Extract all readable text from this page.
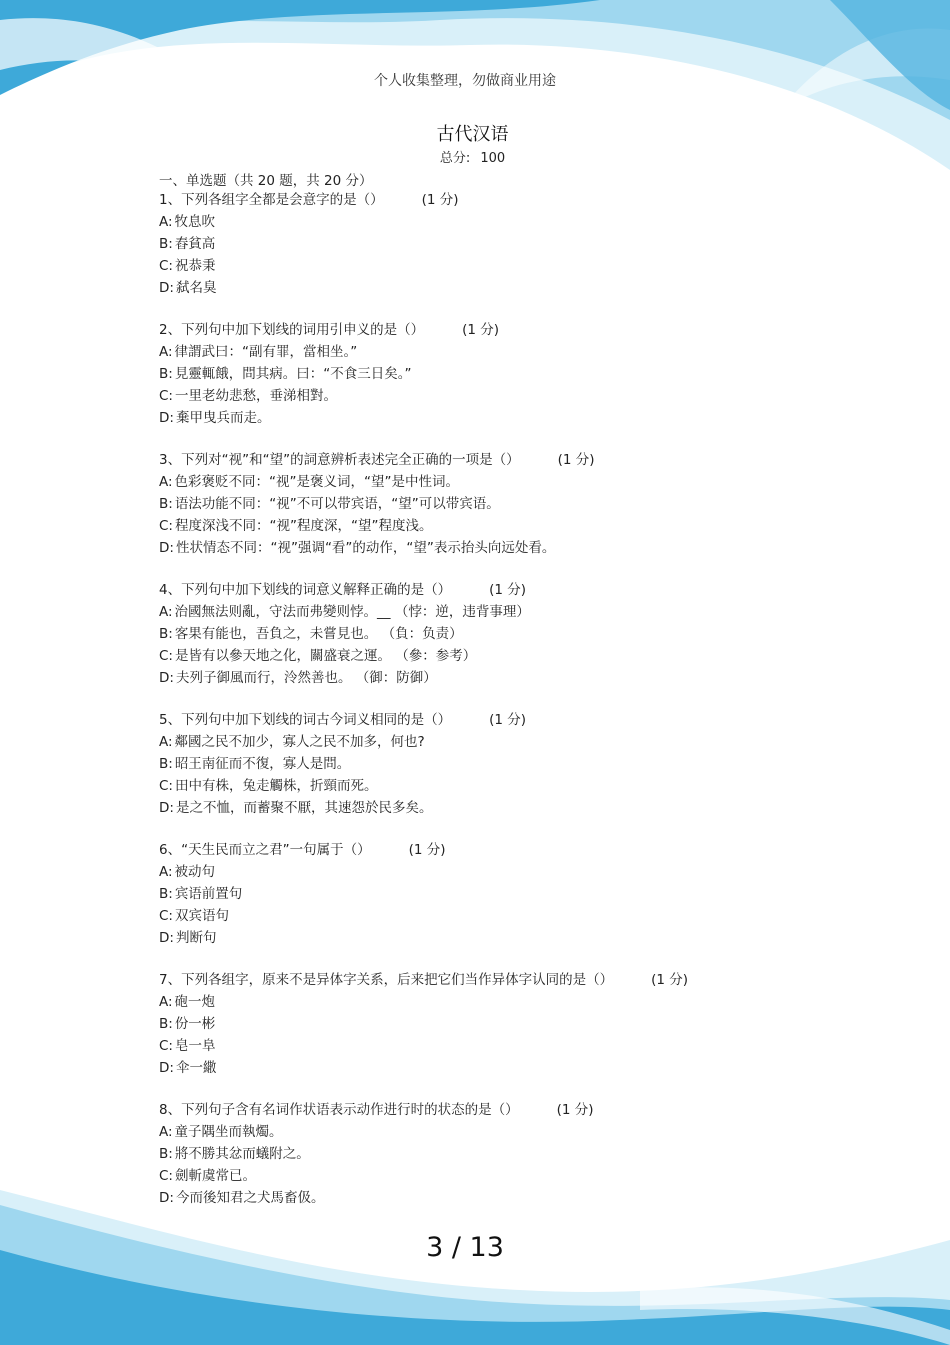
个人收集整理，勿做商业用途
古代汉语
总分: 100
一、单选题（共 20 题，共 20 分）
1、下列各组字全都是会意字的是（）	(1 分)
A: 牧息吹
B: 舂貧高
C: 祝恭秉
D: 弑名臭
2、下列句中加下划线的词用引申义的是（）	(1 分)
A: 律謂武曰：“副有罪，當相坐。”
B: 見靈輒餓，問其病。曰：“不食三日矣。”
C: 一里老幼悲愁，垂涕相對。
D: 棄甲曳兵而走。
3、下列对“视”和“望”的詞意辨析表述完全正确的一项是（）	(1 分)
A: 色彩褒贬不同：“视”是褒义词，“望”是中性词。
B: 语法功能不同：“视”不可以带宾语，“望”可以带宾语。
C: 程度深浅不同：“视”程度深，“望”程度浅。
D: 性状情态不同：“视”强调“看”的动作，“望”表示抬头向远处看。
4、下列句中加下划线的词意义解释正确的是（）	(1 分)
A: 治國無法则亂，守法而弗變则悖。__ （悖：逆，违背事理）
B: 客果有能也，吾負之，未嘗見也。 （負：负责）
C: 是皆有以參天地之化，關盛衰之運。 （參：参考）
D: 夫列子御風而行，泠然善也。 （御：防御）
5、下列句中加下划线的词古今词义相同的是（）	(1 分)
A: 鄰國之民不加少，寡人之民不加多，何也?
B: 昭王南征而不復，寡人是問。
C: 田中有株，兔走觸株，折頸而死。
D: 是之不恤，而蓄聚不厭，其速怨於民多矣。
6、“天生民而立之君”一句属于（）	(1 分)
A: 被动句
B: 宾语前置句
C: 双宾语句
D: 判断句
7、下列各组字，原来不是异体字关系，后来把它们当作异体字认同的是（）	(1 分)
A: 砲一炮
B: 份一彬
C: 皂一阜
D: 伞一繖
8、下列句子含有名词作状语表示动作进行时的状态的是（）	(1 分)
A: 童子隅坐而執燭。
B: 將不勝其忿而蟻附之。
C: 劍斬虞常已。
D: 今而後知君之犬馬畜伋。
3 / 13
